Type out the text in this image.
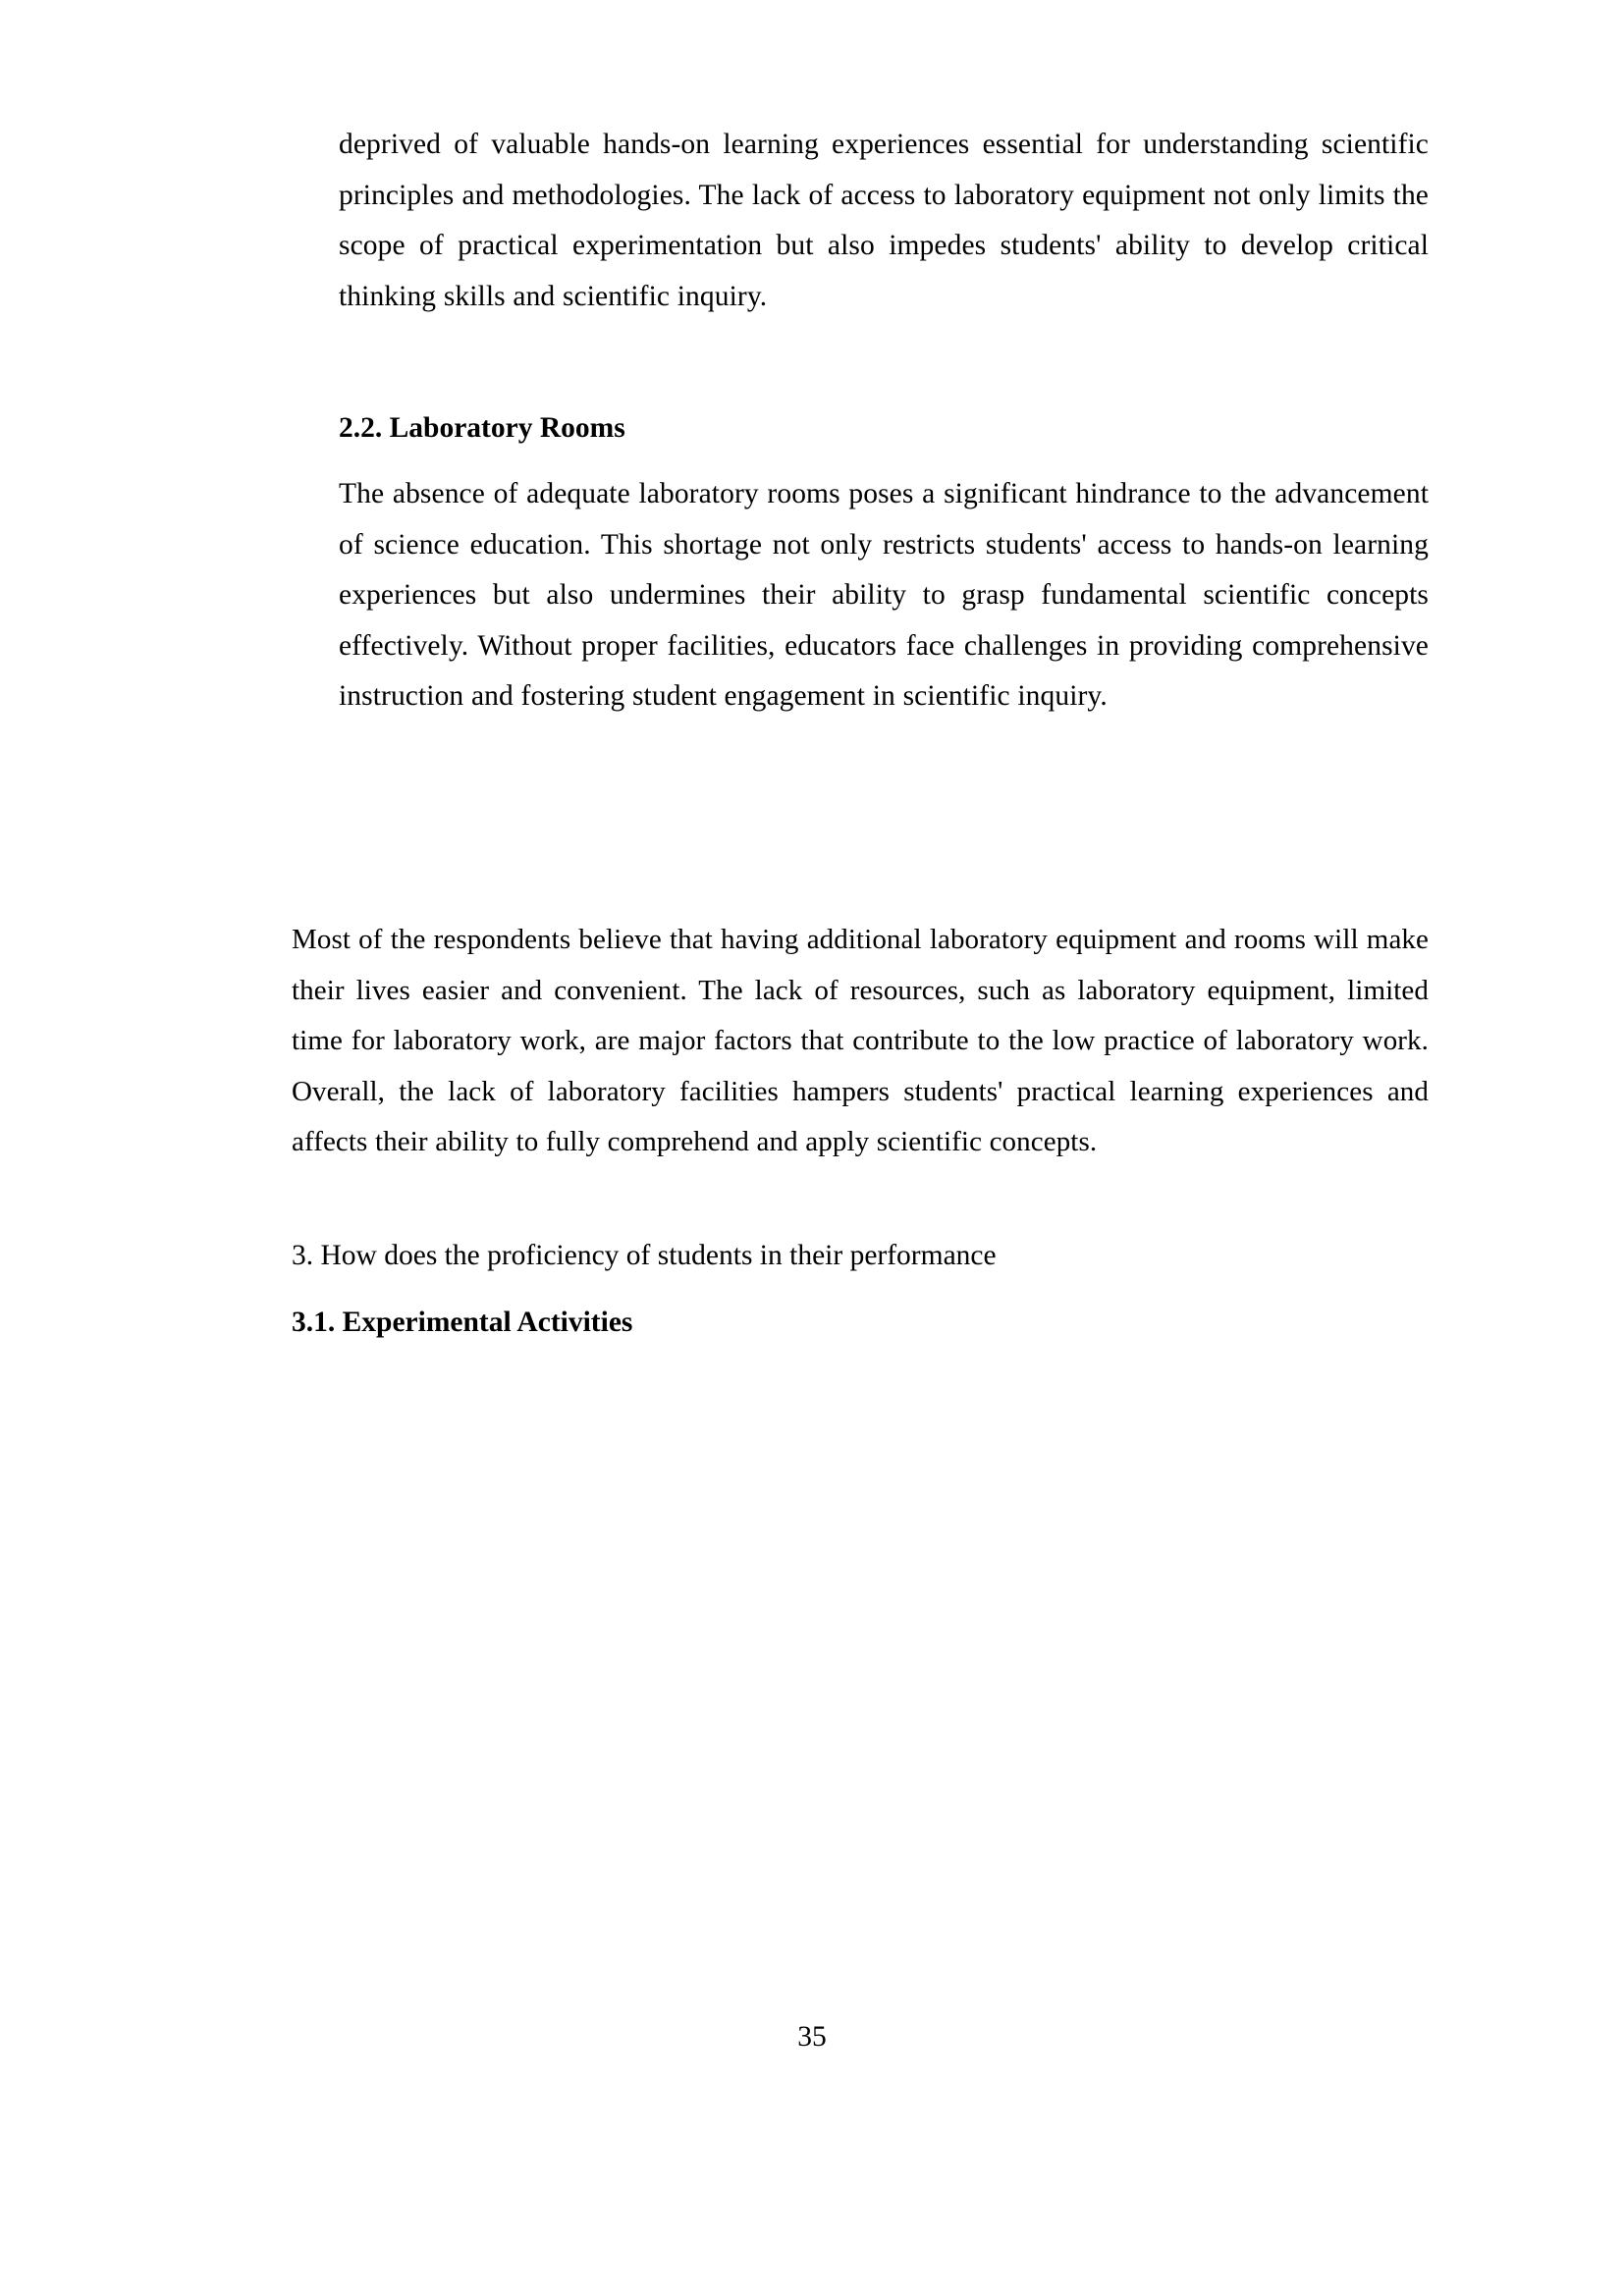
deprived of valuable hands-on learning experiences essential for understanding scientific principles and methodologies. The lack of access to laboratory equipment not only limits the scope of practical experimentation but also impedes students' ability to develop critical thinking skills and scientific inquiry.

2.2. Laboratory Rooms

The absence of adequate laboratory rooms poses a significant hindrance to the advancement of science education. This shortage not only restricts students' access to hands-on learning experiences but also undermines their ability to grasp fundamental scientific concepts effectively. Without proper facilities, educators face challenges in providing comprehensive instruction and fostering student engagement in scientific inquiry.

Most of the respondents believe that having additional laboratory equipment and rooms will make their lives easier and convenient. The lack of resources, such as laboratory equipment, limited time for laboratory work, are major factors that contribute to the low practice of laboratory work. Overall, the lack of laboratory facilities hampers students' practical learning experiences and affects their ability to fully comprehend and apply scientific concepts.

3. How does the proficiency of students in their performance

3.1. Experimental Activities
35
